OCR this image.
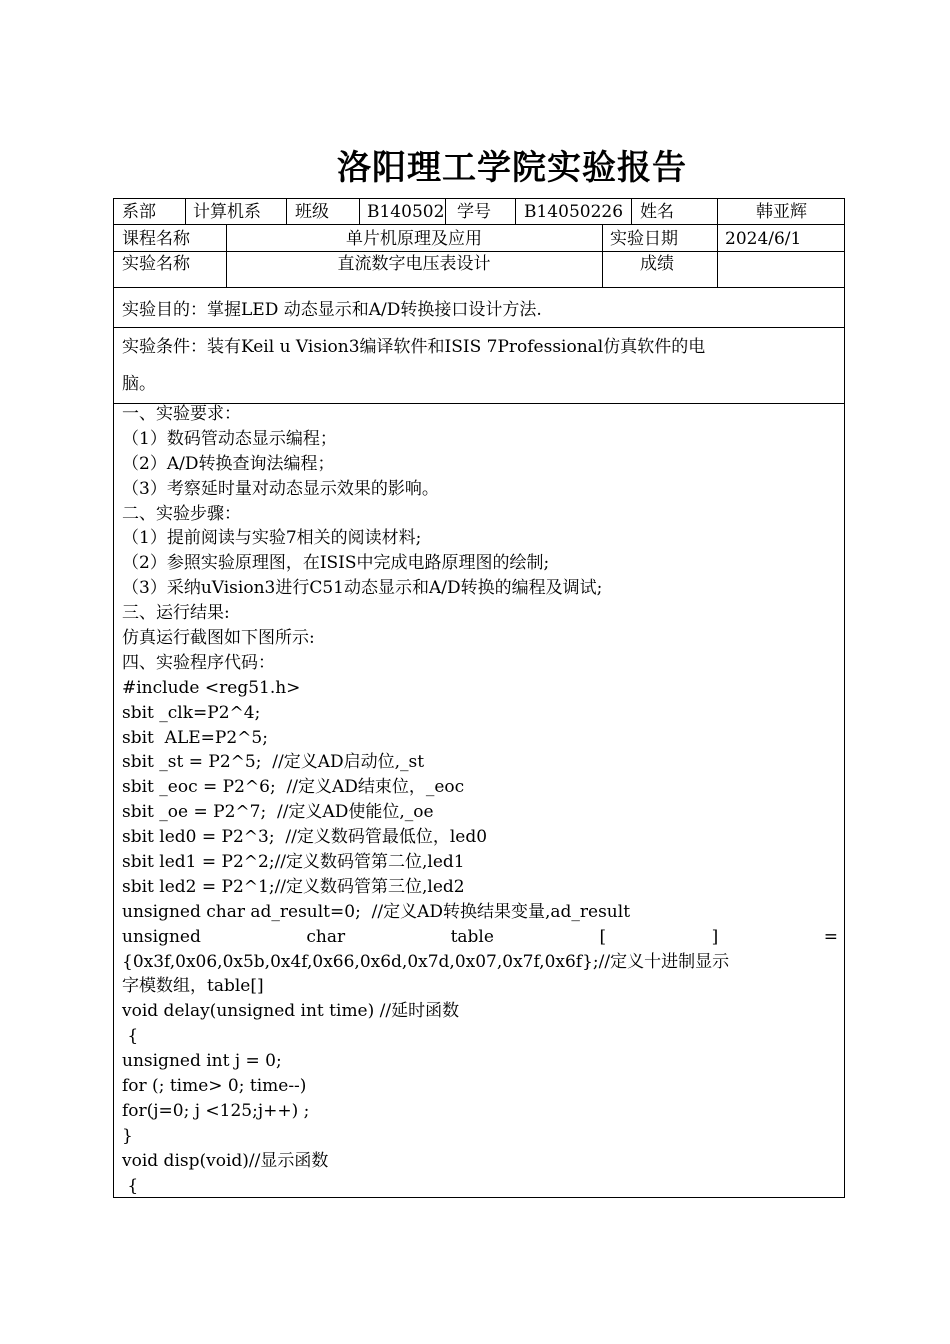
洛阳理工学院实验报告
系部 计算机系 班级 B140502 学号 B14050226 姓名	韩亚辉
课程名称	单片机原理及应用	实验日期	2024/6/1
实验名称	直流数字电压表设计	成绩
实验目的：掌握LED 动态显示和A/D转换接口设计方法.
实验条件：装有Keil u Vision3编译软件和ISIS 7Professional仿真软件的电
脑。
一、实验要求：
（1）数码管动态显示编程；
（2）A/D转换查询法编程；
（3）考察延时量对动态显示效果的影响。
二、实验步骤：
（1）提前阅读与实验7相关的阅读材料;
（2）参照实验原理图，在ISIS中完成电路原理图的绘制;
（3）采纳uVision3进行C51动态显示和A/D转换的编程及调试;
三、运行结果:
仿真运行截图如下图所示:
四、实验程序代码：
#include <reg51.h>
sbit _clk=P2^4;
sbit  ALE=P2^5;
sbit _st = P2^5;  //定义AD启动位,_st
sbit _eoc = P2^6;  //定义AD结束位，_eoc
sbit _oe = P2^7;  //定义AD使能位,_oe
sbit led0 = P2^3;  //定义数码管最低位，led0
sbit led1 = P2^2;//定义数码管第二位,led1
sbit led2 = P2^1;//定义数码管第三位,led2
unsigned char ad_result=0;  //定义AD转换结果变量,ad_result
unsigned	char	table	[	]	=
{0x3f,0x06,0x5b,0x4f,0x66,0x6d,0x7d,0x07,0x7f,0x6f};//定义十进制显示
字模数组，table[]
void delay(unsigned int time) //延时函数
{
unsigned int j = 0;
for (; time> 0; time--)
for(j=0; j <125;j++) ;
}
void disp(void)//显示函数
{
